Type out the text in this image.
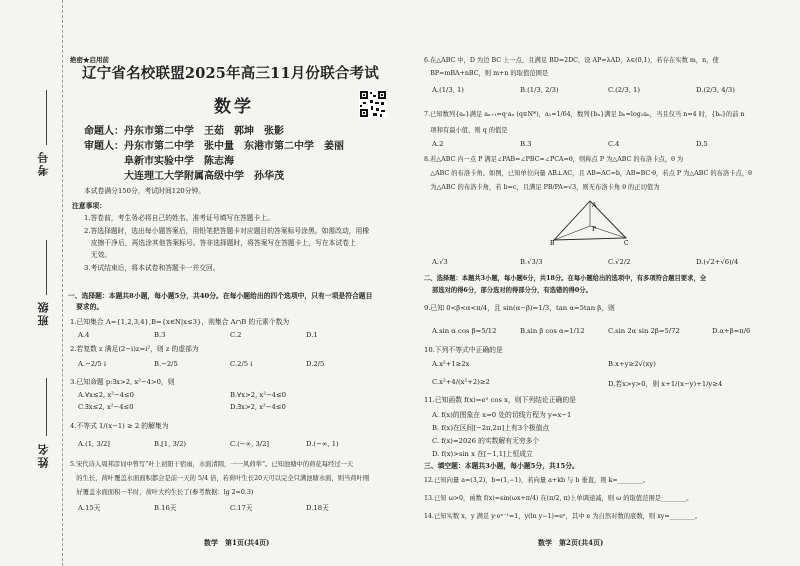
考号
班级
姓名
绝密★启用前
辽宁省名校联盟2025年高三11月份联合考试
数学
命题人：丹东市第二中学　王茹　郭坤　张影
审题人：丹东市第二中学　张中量　东港市第二中学　姜丽
　　　　阜新市实验中学　陈志海
　　　　大连理工大学附属高级中学　孙华茂
本试卷满分150分，考试时间120分钟。
注意事项：
1.答卷前，考生务必将自己的姓名、准考证号填写在答题卡上。
2.答选择题时，选出每小题答案后，用铅笔把答题卡对应题目的答案标号涂黑。如需改动，用橡
　皮擦干净后，再选涂其他答案标号。答非选择题时，将答案写在答题卡上，写在本试卷上
　无效。
3.考试结束后，将本试卷和答题卡一并交回。
一、选择题：本题共8小题，每小题5分，共40分。在每小题给出的四个选项中，只有一项是符合题目
要求的。
1.已知集合 A={1,2,3,4},B={x∈N|x≤3}，则集合 A∩B 的元素个数为
A.4	B.3	C.2	D.1
2.若复数 z 满足(2−i)z=i²，则 z 的虚部为
A.−2/5 i	B.−2/5	C.2/5 i	D.2/5
3.已知命题 p:∃x>2, x²−4>0，则
A.∀x≤2, x²−4≤0	B.∀x>2, x²−4≤0
C.∃x≤2, x²−4≤0	D.∃x>2, x²−4≤0
4.不等式 1/(x−1) ≥ 2 的解集为
A.(1, 3/2]	B.[1, 3/2)	C.(−∞, 3/2]	D.(−∞, 1)
5.宋代诗人周邦彦词中曾写“叶上初阳干宿雨，水面清圆，一一风荷举”。已知池塘中的荷花每经过一天
　的生长，荷叶覆盖水面面积都会是前一天的 5/4 倍，若荷叶生长20天可以完全只满池塘水面，则当荷叶刚
　好覆盖水面面积一半时，荷叶大约生长了(参考数据：lg 2≈0.3)
A.15天	B.16天	C.17天	D.18天
数学　第1页(共4页)
6.在△ABC 中，D 为边 BC 上一点，且满足 BD=2DC，设 AP=λAD，λ∈(0,1)，若存在实数 m，n，使
　BP=mBA+nBC，则 m+n 的取值范围是
A.(1/3, 1)	B.(1/3, 2/3)	C.(2/3, 1)	D.(2/3, 4/3)
7.已知数列{aₙ}满足 aₙ₊₁=q·aₙ (q∈N*)，a₁=1/64，数列{bₙ}满足 bₙ=log₂aₙ，当且仅当 n=4 时，{bₙ}的前 n
　项和有最小值，则 q 的值是
A.2	B.3	C.4	D.5
8.若△ABC 内一点 P 满足∠PAB=∠PBC=∠PCA=θ，则称点 P 为△ABC 的布洛卡点，θ 为
　△ABC 的布洛卡角。如图，已知单位向量 AB⊥AC，且 AB=AC=b，AB=BC·θ，若点 P 为△ABC 的布洛卡点，θ
　为△ABC 的布洛卡角，若 b=c，且满足 PB/PA=√3，则无布洛卡角 θ 的正切值为
A
B	C
P
A.√3	B.√3/3	C.√2/2	D.(√2+√6)/4
二、选择题：本题共3小题，每小题6分，共18分。在每小题给出的选项中，有多项符合题目要求，全
部选对的得6分，部分选对的得部分分，有选错的得0分。
9.已知 0<β<α<π/4，且 sin(α−β)=1/3，tan α=5tan β，则
A.sin α cos β=5/12	B.sin β cos α=1/12	C.sin 2α sin 2β=5/72	D.α+β=π/6
10.下列不等式中正确的是
A.x²+1≥2x	B.x+y≥2√(xy)
C.x²+4/(x²+2)≥2	D.若x>y>0，则 x+1/(x−y)+1/y≥4
11.已知函数 f(x)=eˣ cos x，则下列结论正确的是
A. f(x)的图象在 x=0 处的切线方程为 y=x−1
B. f(x)在区间[−2π,2π]上有3个极值点
C. f(x)=2026 的实数解有无穷多个
D. f(x)>sin x 在[−1,1]上恒成立
三、填空题：本题共3小题，每小题5分，共15分。
12.已知向量 a=(3,2)，b=(1,−1)，若向量 a+kb 与 b 垂直，则 k=________。
13.已知 ω>0，函数 f(x)=sin(ωx+π/4) 在(π/2, π)上单调递减，则 ω 的取值范围是________。
14.已知实数 x，y 满足 y·eˣ⁻¹=1，y(ln y−1)=eˣ，其中 e 为自然对数的底数，则 xy=________。
数学　第2页(共4页)
